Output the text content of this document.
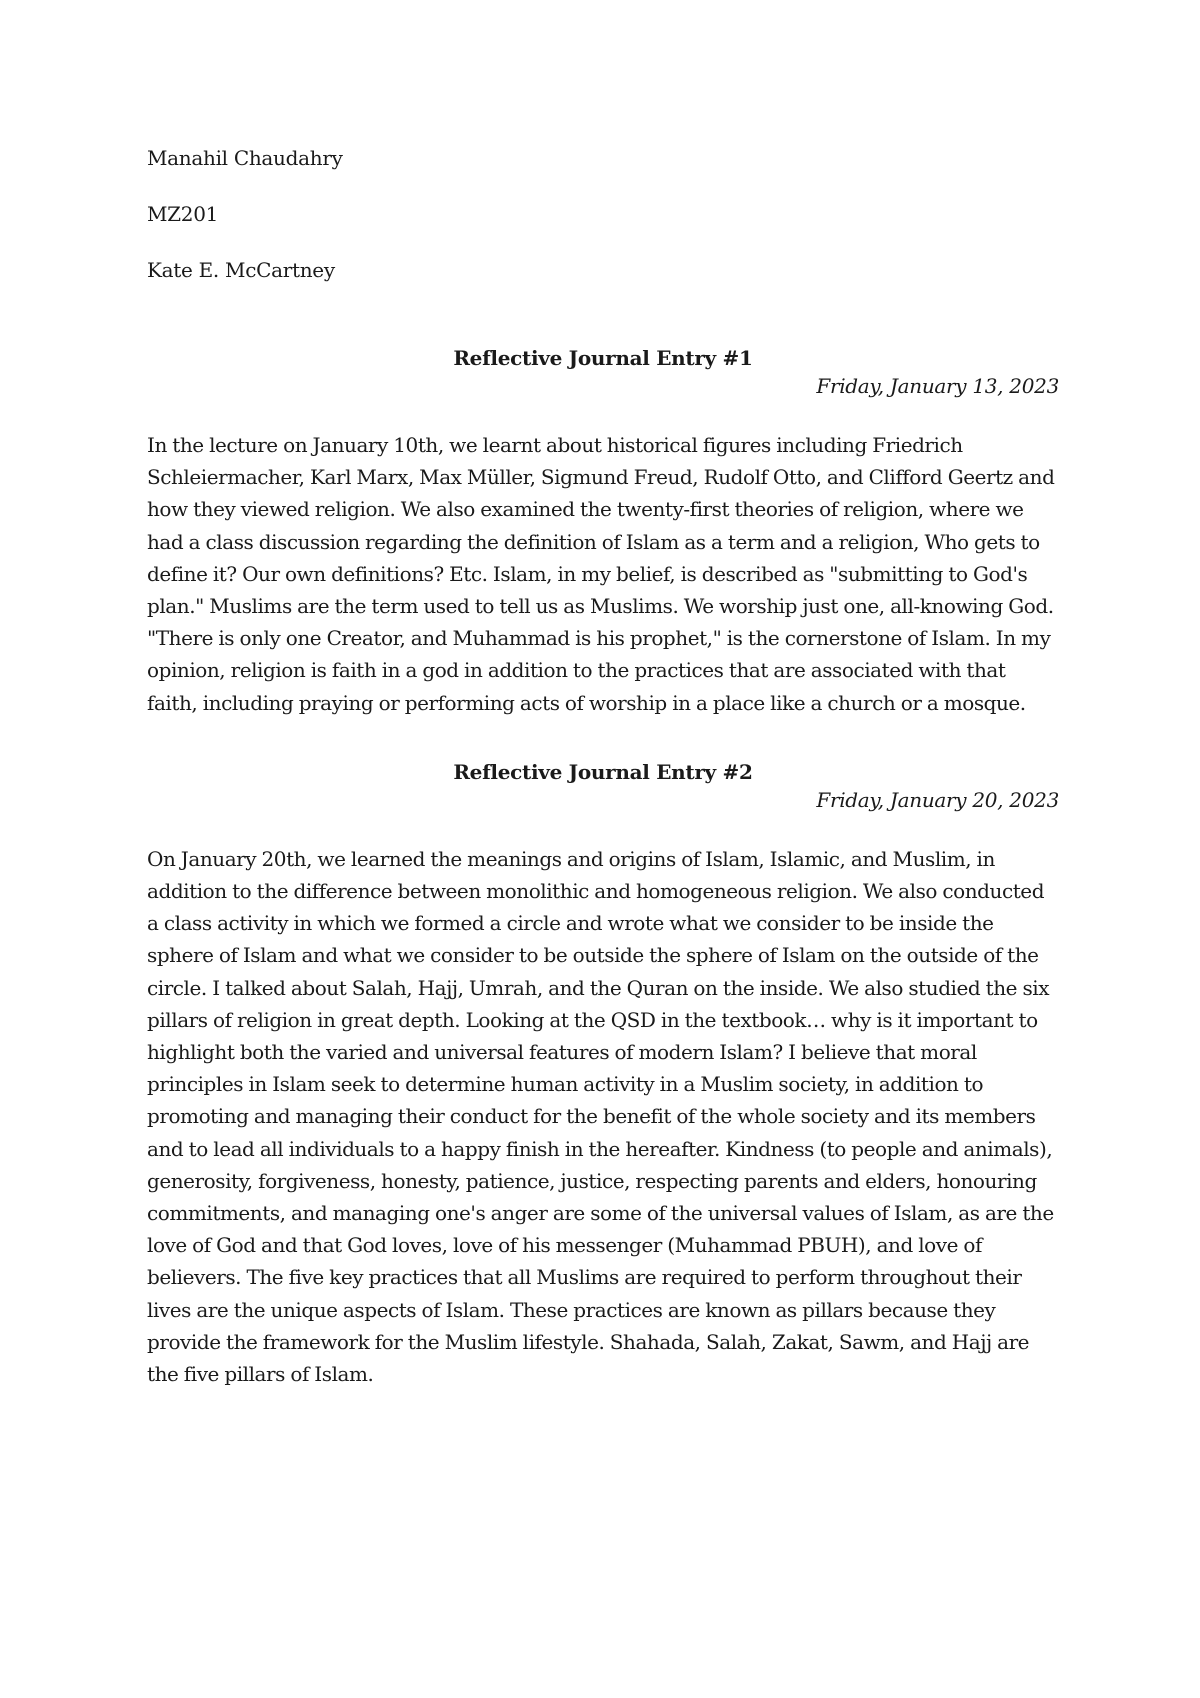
Manahil Chaudahry

MZ201

Kate E. McCartney

Reflective Journal Entry #1

Friday, January 13, 2023

In the lecture on January 10th, we learnt about historical figures including Friedrich Schleiermacher, Karl Marx, Max Müller, Sigmund Freud, Rudolf Otto, and Clifford Geertz and how they viewed religion. We also examined the twenty-first theories of religion, where we had a class discussion regarding the definition of Islam as a term and a religion, Who gets to define it? Our own definitions? Etc. Islam, in my belief, is described as "submitting to God's plan." Muslims are the term used to tell us as Muslims. We worship just one, all-knowing God. "There is only one Creator, and Muhammad is his prophet," is the cornerstone of Islam. In my opinion, religion is faith in a god in addition to the practices that are associated with that faith, including praying or performing acts of worship in a place like a church or a mosque.

Reflective Journal Entry #2

Friday, January 20, 2023

On January 20th, we learned the meanings and origins of Islam, Islamic, and Muslim, in addition to the difference between monolithic and homogeneous religion. We also conducted a class activity in which we formed a circle and wrote what we consider to be inside the sphere of Islam and what we consider to be outside the sphere of Islam on the outside of the circle. I talked about Salah, Hajj, Umrah, and the Quran on the inside. We also studied the six pillars of religion in great depth. Looking at the QSD in the textbook… why is it important to highlight both the varied and universal features of modern Islam? I believe that moral principles in Islam seek to determine human activity in a Muslim society, in addition to promoting and managing their conduct for the benefit of the whole society and its members and to lead all individuals to a happy finish in the hereafter. Kindness (to people and animals), generosity, forgiveness, honesty, patience, justice, respecting parents and elders, honouring commitments, and managing one's anger are some of the universal values of Islam, as are the love of God and that God loves, love of his messenger (Muhammad PBUH), and love of believers. The five key practices that all Muslims are required to perform throughout their lives are the unique aspects of Islam. These practices are known as pillars because they provide the framework for the Muslim lifestyle. Shahada, Salah, Zakat, Sawm, and Hajj are the five pillars of Islam.
